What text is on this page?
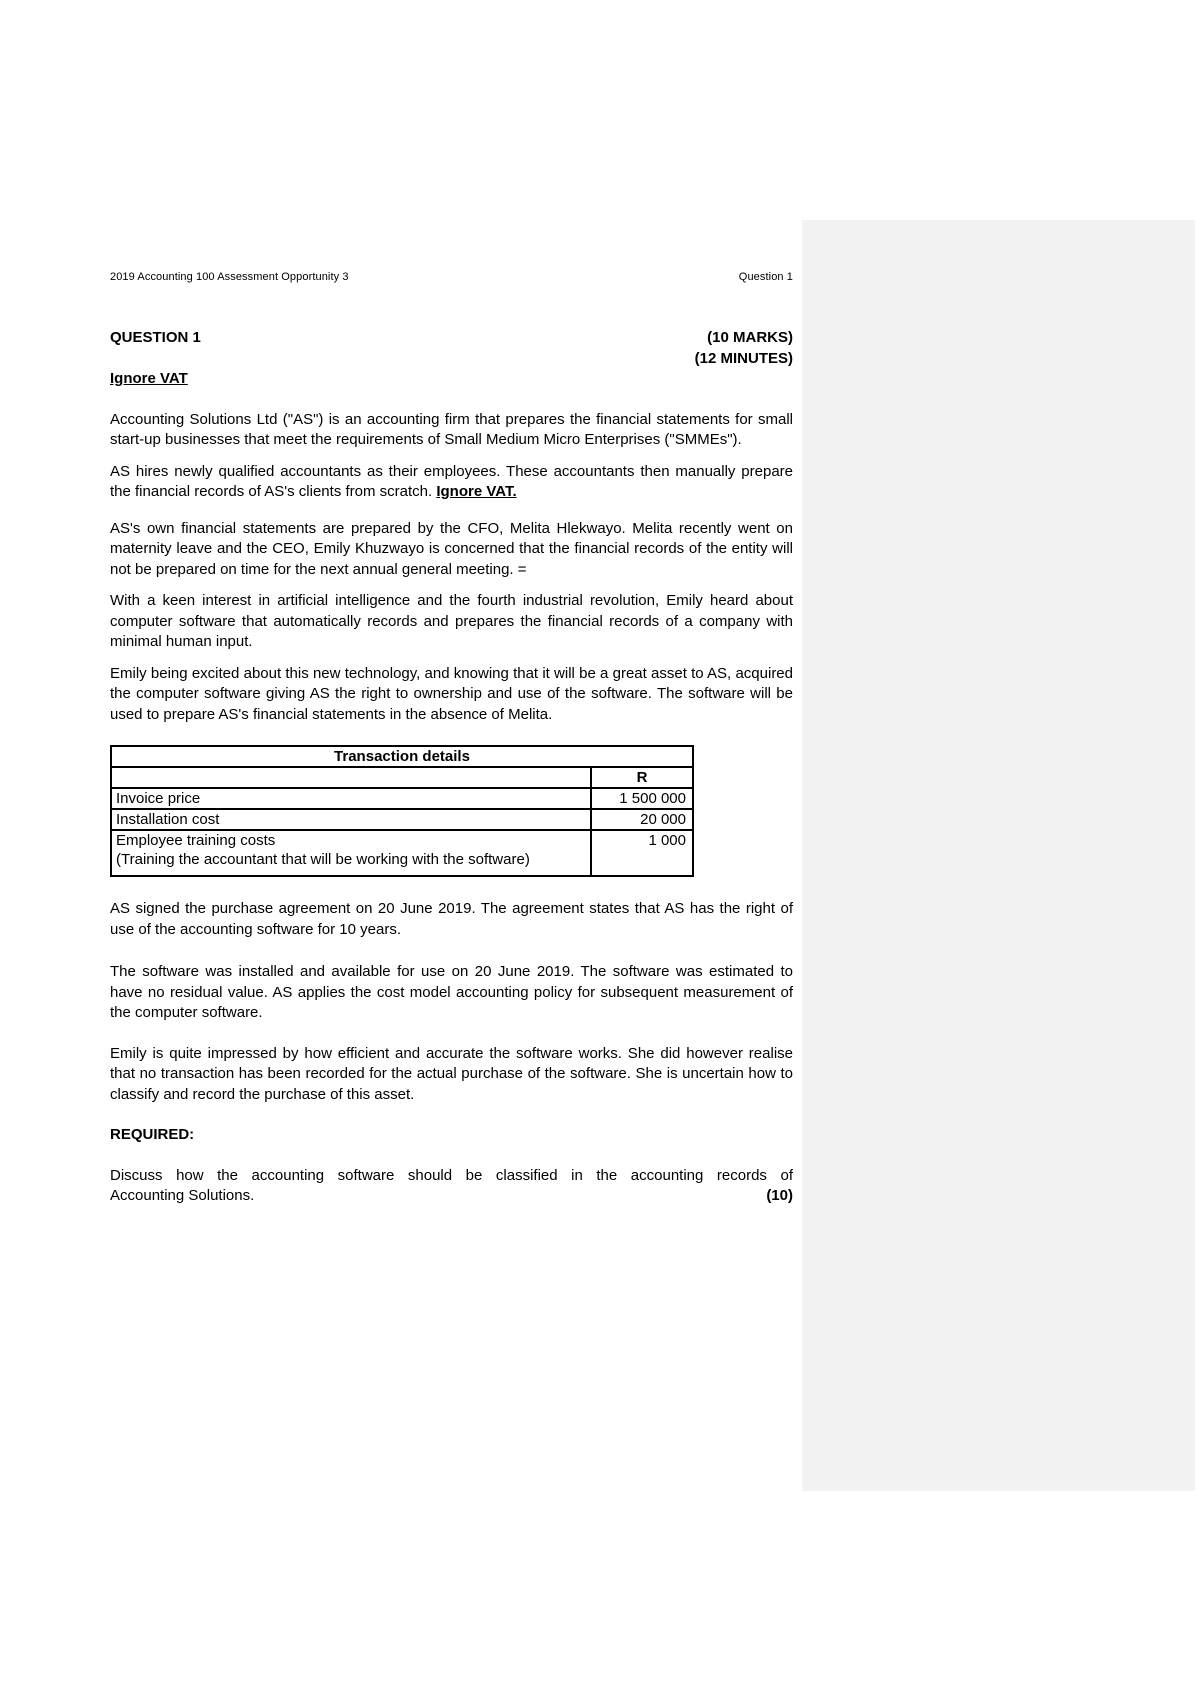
2019 Accounting 100 Assessment Opportunity 3	Question 1
QUESTION 1	(10 MARKS)
(12 MINUTES)
Ignore VAT

Accounting Solutions Ltd ("AS") is an accounting firm that prepares the financial statements for small start-up businesses that meet the requirements of Small Medium Micro Enterprises ("SMMEs").

AS hires newly qualified accountants as their employees. These accountants then manually prepare the financial records of AS's clients from scratch. Ignore VAT.

AS's own financial statements are prepared by the CFO, Melita Hlekwayo. Melita recently went on maternity leave and the CEO, Emily Khuzwayo is concerned that the financial records of the entity will not be prepared on time for the next annual general meeting. =

With a keen interest in artificial intelligence and the fourth industrial revolution, Emily heard about computer software that automatically records and prepares the financial records of a company with minimal human input.

Emily being excited about this new technology, and knowing that it will be a great asset to AS, acquired the computer software giving AS the right to ownership and use of the software. The software will be used to prepare AS's financial statements in the absence of Melita.

Transaction details	
	R
Invoice price	1 500 000
Installation cost	20 000

Employee training costs
(Training the accountant that will be working with the software)	1 000

AS signed the purchase agreement on 20 June 2019. The agreement states that AS has the right of use of the accounting software for 10 years.

The software was installed and available for use on 20 June 2019. The software was estimated to have no residual value. AS applies the cost model accounting policy for subsequent measurement of the computer software.

Emily is quite impressed by how efficient and accurate the software works. She did however realise that no transaction has been recorded for the actual purchase of the software. She is uncertain how to classify and record the purchase of this asset.

REQUIRED:

Discuss how the accounting software should be classified in the accounting records of

Accounting Solutions.	(10)
